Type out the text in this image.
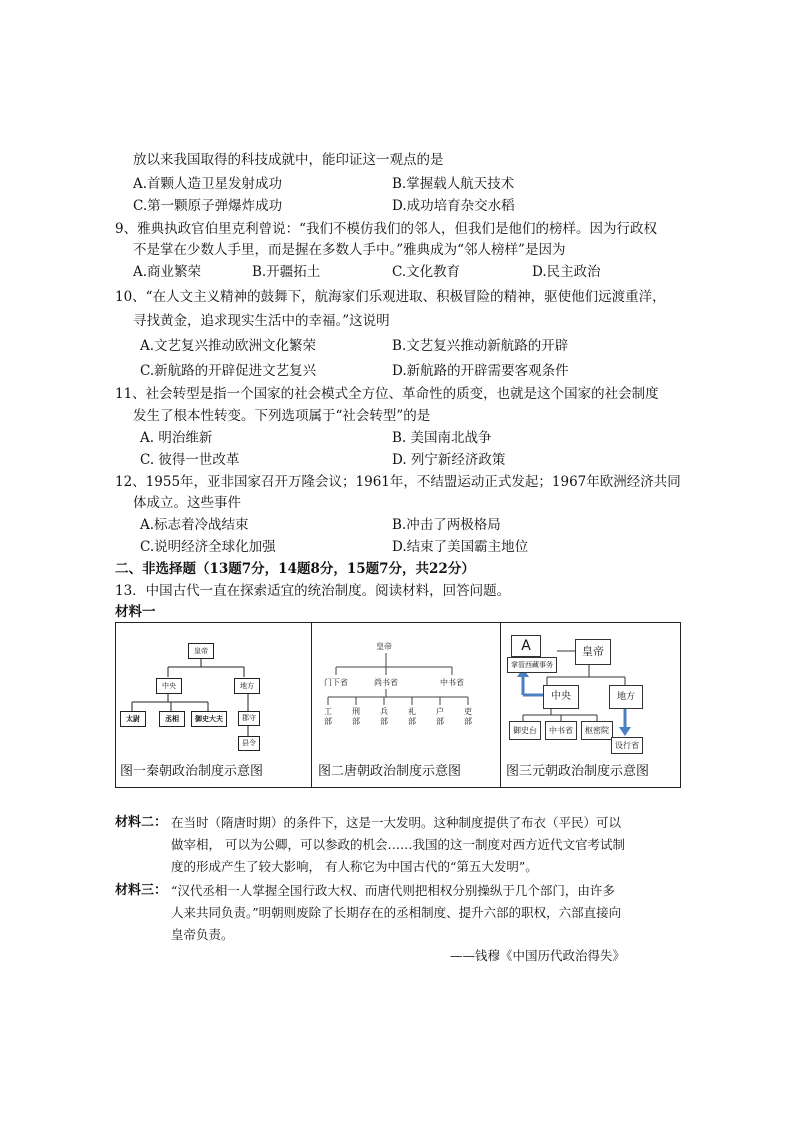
放以来我国取得的科技成就中，能印证这一观点的是
A.首颗人造卫星发射成功	B.掌握载人航天技术
C.第一颗原子弹爆炸成功	D.成功培育杂交水稻
9、雅典执政官伯里克利曾说：“我们不模仿我们的邻人，但我们是他们的榜样。因为行政权
不是掌在少数人手里，而是握在多数人手中。”雅典成为“邻人榜样”是因为
A.商业繁荣	B.开疆拓土	C.文化教育	D.民主政治
10、“在人文主义精神的鼓舞下，航海家们乐观进取、积极冒险的精神，驱使他们远渡重洋，
寻找黄金，追求现实生活中的幸福。”这说明
A.文艺复兴推动欧洲文化繁荣	B.文艺复兴推动新航路的开辟
C.新航路的开辟促进文艺复兴	D.新航路的开辟需要客观条件
11、社会转型是指一个国家的社会模式全方位、革命性的质变，也就是这个国家的社会制度
发生了根本性转变。下列选项属于“社会转型”的是
A. 明治维新	B. 美国南北战争
C. 彼得一世改革	D. 列宁新经济政策
12、1955年，亚非国家召开万隆会议；1961年，不结盟运动正式发起；1967年欧洲经济共同
体成立。这些事件
A.标志着冷战结束	B.冲击了两极格局
C.说明经济全球化加强	D.结束了美国霸主地位
二、非选择题（13题7分，14题8分，15题7分，共22分）
13．中国古代一直在探索适宜的统治制度。阅读材料，回答问题。
材料一
皇帝
中央	地方
太尉	丞相	御史大夫	郡守
县令
图一秦朝政治制度示意图
皇帝
门下省	尚书省	中书省
工部
刑部
兵部
礼部
户部
吏部
图二唐朝政治制度示意图
A
掌管西藏事务
皇帝
中央	地方
御史台	中书省	枢密院
设行省
图三元朝政治制度示意图
材料二： 在当时（隋唐时期）的条件下，这是一大发明。这种制度提供了布衣（平民）可以
做宰相， 可以为公卿，可以参政的机会……我国的这一制度对西方近代文官考试制
度的形成产生了较大影响， 有人称它为中国古代的“第五大发明”。
材料三： “汉代丞相一人掌握全国行政大权、而唐代则把相权分别操纵于几个部门，由许多
人来共同负责。”明朝则废除了长期存在的丞相制度、提升六部的职权，六部直接向
皇帝负责。
——钱穆《中国历代政治得失》
